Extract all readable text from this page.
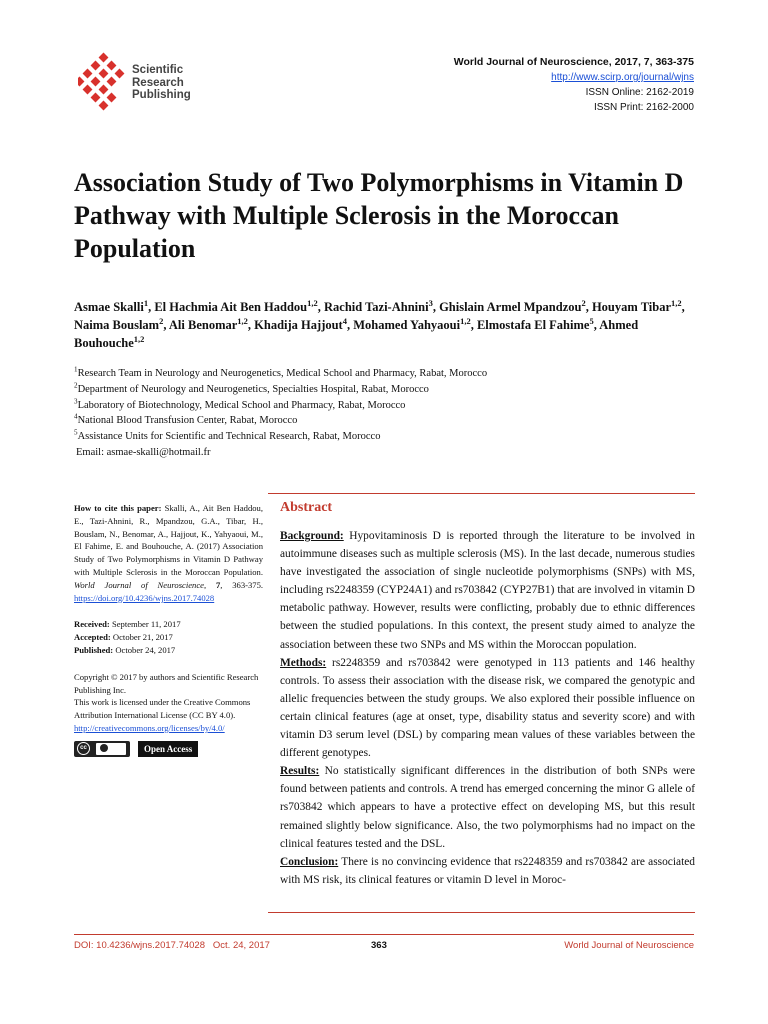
Scientific
Research
Publishing
World Journal of Neuroscience, 2017, 7, 363-375
http://www.scirp.org/journal/wjns
ISSN Online: 2162-2019
ISSN Print: 2162-2000
Association Study of Two Polymorphisms in Vitamin D Pathway with Multiple Sclerosis in the Moroccan Population
Asmae Skalli$^1$, El Hachmia Ait Ben Haddou$^{1,2}$, Rachid Tazi-Ahnini$^3$, Ghislain Armel Mpandzou$^2$, Houyam Tibar$^{1,2}$, Naima Bouslam$^2$, Ali Benomar$^{1,2}$, Khadija Hajjout$^4$, Mohamed Yahyaoui$^{1,2}$, Elmostafa El Fahime$^5$, Ahmed Bouhouche$^{1,2}$
$^1$Research Team in Neurology and Neurogenetics, Medical School and Pharmacy, Rabat, Morocco
$^2$Department of Neurology and Neurogenetics, Specialties Hospital, Rabat, Morocco
$^3$Laboratory of Biotechnology, Medical School and Pharmacy, Rabat, Morocco
$^4$National Blood Transfusion Center, Rabat, Morocco
$^5$Assistance Units for Scientific and Technical Research, Rabat, Morocco
Email: asmae-skalli@hotmail.fr

How to cite this paper: Skalli, A., Ait Ben Haddou, E., Tazi-Ahnini, R., Mpandzou, G.A., Tibar, H., Bouslam, N., Benomar, A., Hajjout, K., Yahyaoui, M., El Fahime, E. and Bouhouche, A. (2017) Association Study of Two Polymorphisms in Vitamin D Pathway with Multiple Sclerosis in the Moroccan Population. World Journal of Neuroscience, 7, 363-375. https://doi.org/10.4236/wjns.2017.74028

Received: September 11, 2017
Accepted: October 21, 2017
Published: October 24, 2017

Copyright © 2017 by authors and Scientific Research Publishing Inc.
This work is licensed under the Creative Commons Attribution International License (CC BY 4.0).
http://creativecommons.org/licenses/by/4.0/

cc	Open Access
Abstract

Background: Hypovitaminosis D is reported through the literature to be involved in autoimmune diseases such as multiple sclerosis (MS). In the last decade, numerous studies have investigated the association of single nucleotide polymorphisms (SNPs) with MS, including rs2248359 (CYP24A1) and rs703842 (CYP27B1) that are involved in vitamin D metabolic pathway. However, results were conflicting, probably due to ethnic differences between the studied populations. In this context, the present study aimed to analyze the association between these two SNPs and MS within the Moroccan population.

Methods: rs2248359 and rs703842 were genotyped in 113 patients and 146 healthy controls. To assess their association with the disease risk, we compared the genotypic and allelic frequencies between the study groups. We also explored their possible influence on certain clinical features (age at onset, type, disability status and severity score) and with vitamin D3 serum level (DSL) by comparing mean values of these variables between the different genotypes.

Results: No statistically significant differences in the distribution of both SNPs were found between patients and controls. A trend has emerged concerning the minor G allele of rs703842 which appears to have a protective effect on developing MS, but this result remained slightly below significance. Also, the two polymorphisms had no impact on the clinical features tested and the DSL.

Conclusion: There is no convincing evidence that rs2248359 and rs703842 are associated with MS risk, its clinical features or vitamin D level in Moroc-

DOI: 10.4236/wjns.2017.74028 Oct. 24, 2017	363	World Journal of Neuroscience
